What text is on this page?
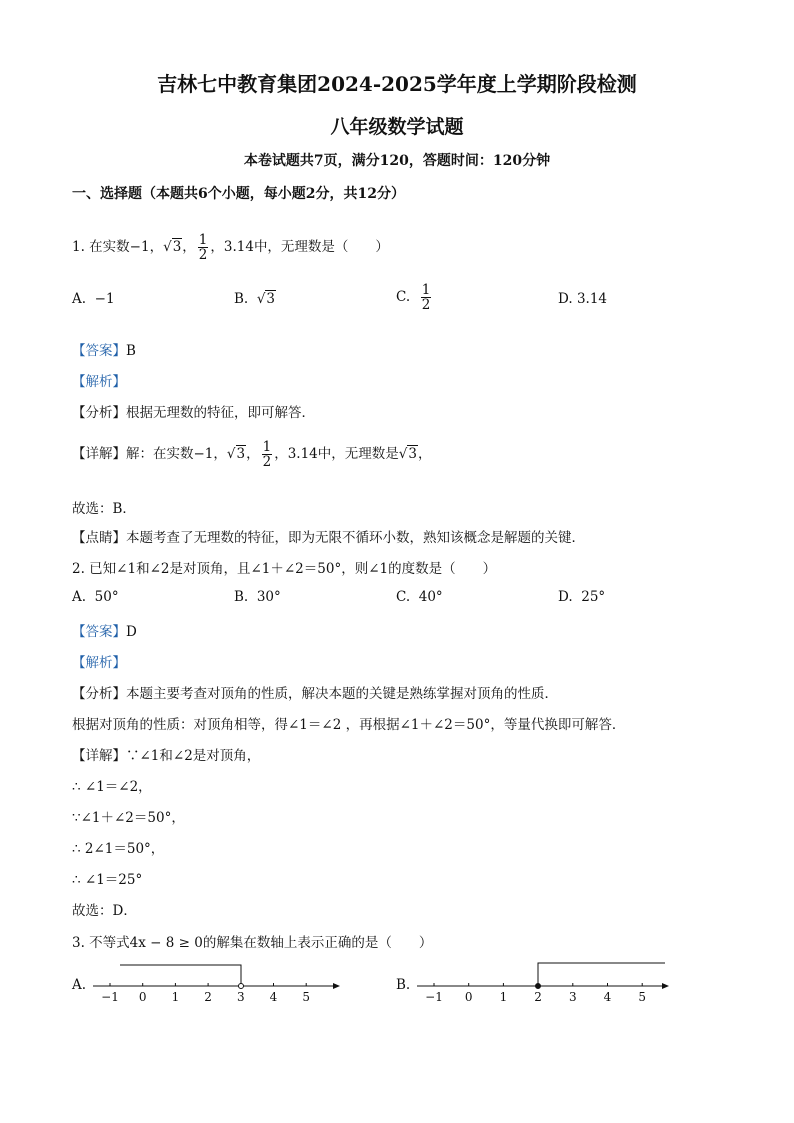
吉林七中教育集团2024-2025学年度上学期阶段检测
八年级数学试题
本卷试题共7页，满分120，答题时间：120分钟
一、选择题（本题共6个小题，每小题2分，共12分）
1. 在实数−1，√3， $\frac{1}{2}$ ，3.14中，无理数是（　　）
A. −1	B. √3	C. $\frac{1}{2}$	D. 3.14
【答案】B
【解析】
【分析】根据无理数的特征，即可解答．
【详解】解：在实数−1，√3， $\frac{1}{2}$ ，3.14中，无理数是√3，
故选：B．
【点睛】本题考查了无理数的特征，即为无限不循环小数，熟知该概念是解题的关键．
2. 已知∠1和∠2是对顶角，且∠1＋∠2＝50°，则∠1的度数是（　　）
A. 50°	B. 30°	C. 40°	D. 25°
【答案】D
【解析】
【分析】本题主要考查对顶角的性质，解决本题的关键是熟练掌握对顶角的性质．
根据对顶角的性质：对顶角相等，得∠1＝∠2 ，再根据∠1＋∠2＝50°，等量代换即可解答．
【详解】∵∠1和∠2是对顶角，
∴ ∠1＝∠2，
∵∠1＋∠2＝50°，
∴ 2∠1＝50°，
∴ ∠1＝25°
故选：D．
3. 不等式4x − 8 ≥ 0的解集在数轴上表示正确的是（　　）
A.
−1 0 1 2 3 4 5
B.
−1 0 1 2 3 4 5
